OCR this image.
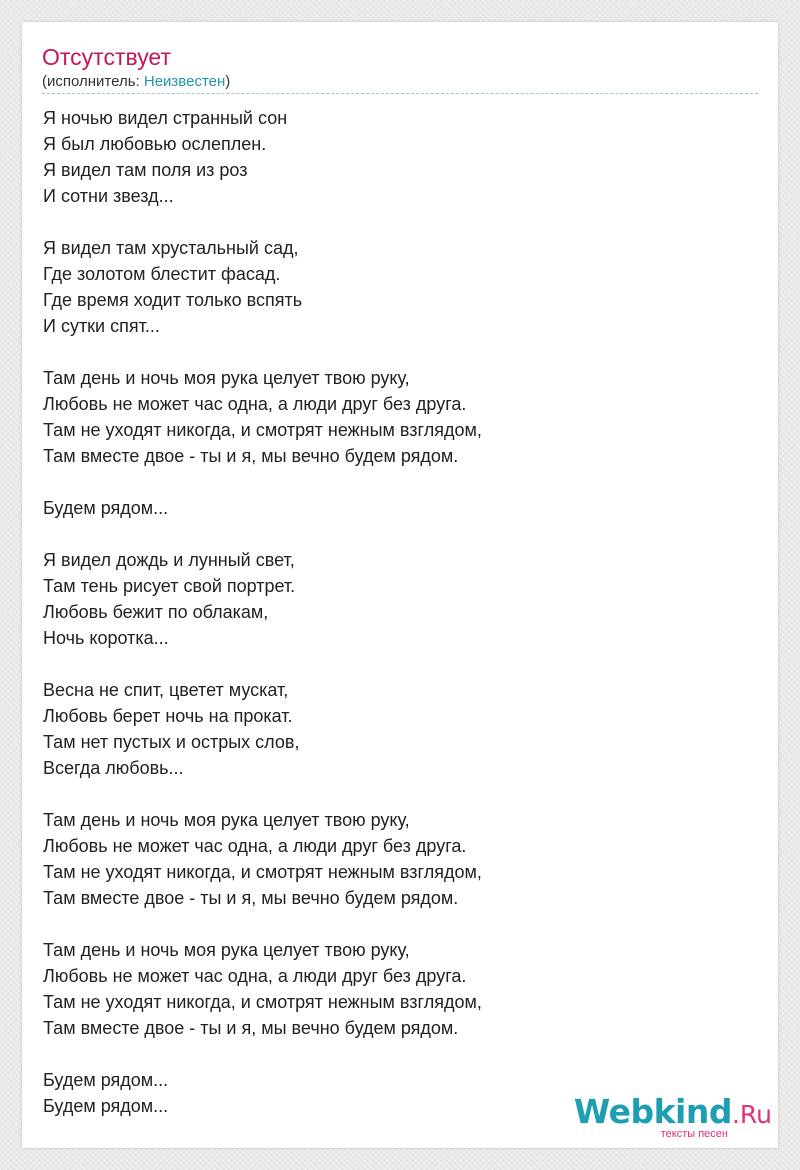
Отсутствует
(исполнитель: Неизвестен)
Я ночью видел странный сон
Я был любовью ослеплен.
Я видел там поля из роз
И сотни звезд...
Я видел там хрустальный сад,
Где золотом блестит фасад.
Где время ходит только вспять
И сутки спят...
Там день и ночь моя рука целует твою руку,
Любовь не может час одна, а люди друг без друга.
Там не уходят никогда, и смотрят нежным взглядом,
Там вместе двое - ты и я, мы вечно будем рядом.
Будем рядом...
Я видел дождь и лунный свет,
Там тень рисует свой портрет.
Любовь бежит по облакам,
Ночь коротка...
Весна не спит, цветет мускат,
Любовь берет ночь на прокат.
Там нет пустых и острых слов,
Всегда любовь...
Там день и ночь моя рука целует твою руку,
Любовь не может час одна, а люди друг без друга.
Там не уходят никогда, и смотрят нежным взглядом,
Там вместе двое - ты и я, мы вечно будем рядом.
Там день и ночь моя рука целует твою руку,
Любовь не может час одна, а люди друг без друга.
Там не уходят никогда, и смотрят нежным взглядом,
Там вместе двое - ты и я, мы вечно будем рядом.
Будем рядом...
Будем рядом...	Webkind.Ru
тексты песен
